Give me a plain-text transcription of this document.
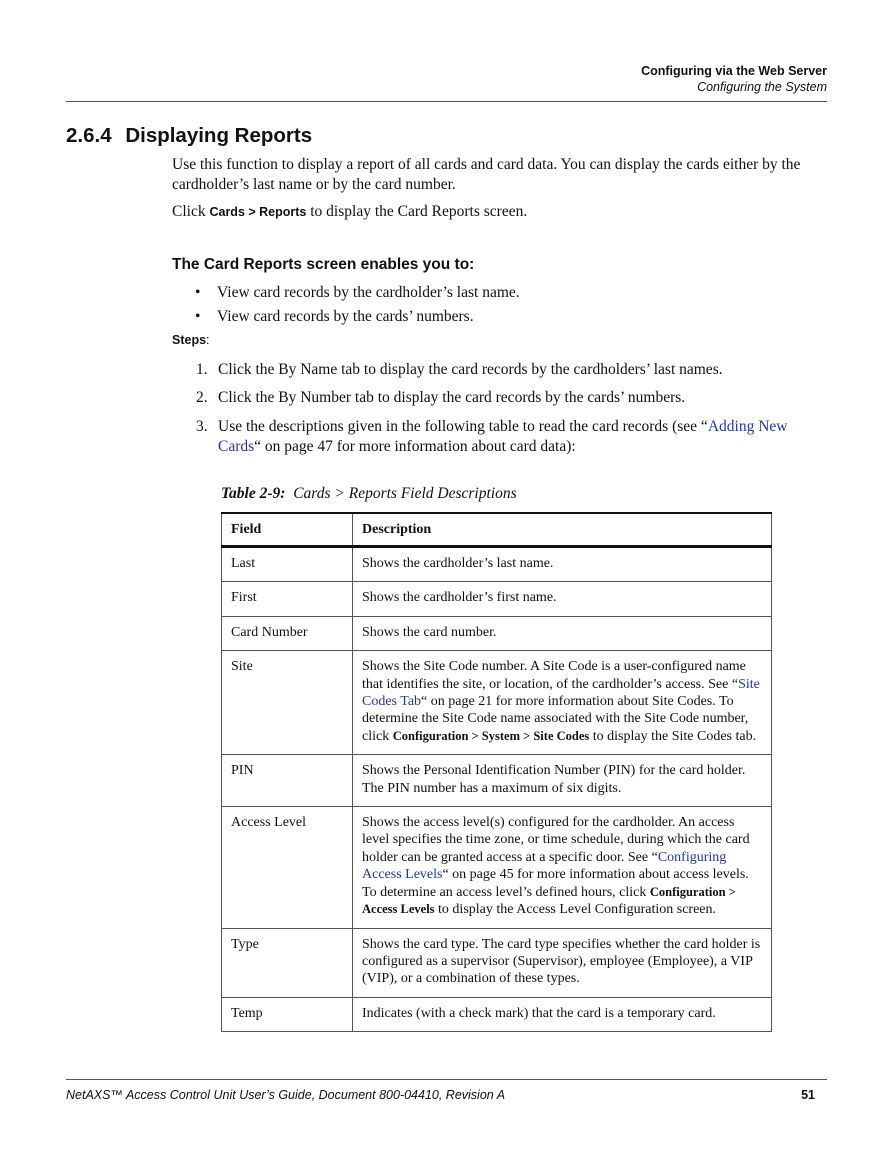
Configuring via the Web Server
Configuring the System
2.6.4 Displaying Reports
Use this function to display a report of all cards and card data. You can display the cards either by the cardholder’s last name or by the card number.
Click Cards > Reports to display the Card Reports screen.
The Card Reports screen enables you to:
• View card records by the cardholder’s last name.
• View card records by the cards’ numbers.
Steps:
1. Click the By Name tab to display the card records by the cardholders’ last names.
2. Click the By Number tab to display the card records by the cards’ numbers.
3. Use the descriptions given in the following table to read the card records (see “Adding New Cards“ on page 47 for more information about card data):
Table 2-9: Cards > Reports Field Descriptions
Field	Description
Last	Shows the cardholder’s last name.
First	Shows the cardholder’s first name.
Card Number	Shows the card number.
Site	Shows the Site Code number. A Site Code is a user-configured name that identifies the site, or location, of the cardholder’s access. See “Site Codes Tab“ on page 21 for more information about Site Codes. To determine the Site Code name associated with the Site Code number, click Configuration > System > Site Codes to display the Site Codes tab.
PIN	Shows the Personal Identification Number (PIN) for the card holder. The PIN number has a maximum of six digits.
Access Level	Shows the access level(s) configured for the cardholder. An access level specifies the time zone, or time schedule, during which the card holder can be granted access at a specific door. See “Configuring Access Levels“ on page 45 for more information about access levels. To determine an access level’s defined hours, click Configuration > Access Levels to display the Access Level Configuration screen.
Type	Shows the card type. The card type specifies whether the card holder is configured as a supervisor (Supervisor), employee (Employee), a VIP (VIP), or a combination of these types.
Temp	Indicates (with a check mark) that the card is a temporary card.
NetAXS™ Access Control Unit User’s Guide, Document 800-04410, Revision A	51
